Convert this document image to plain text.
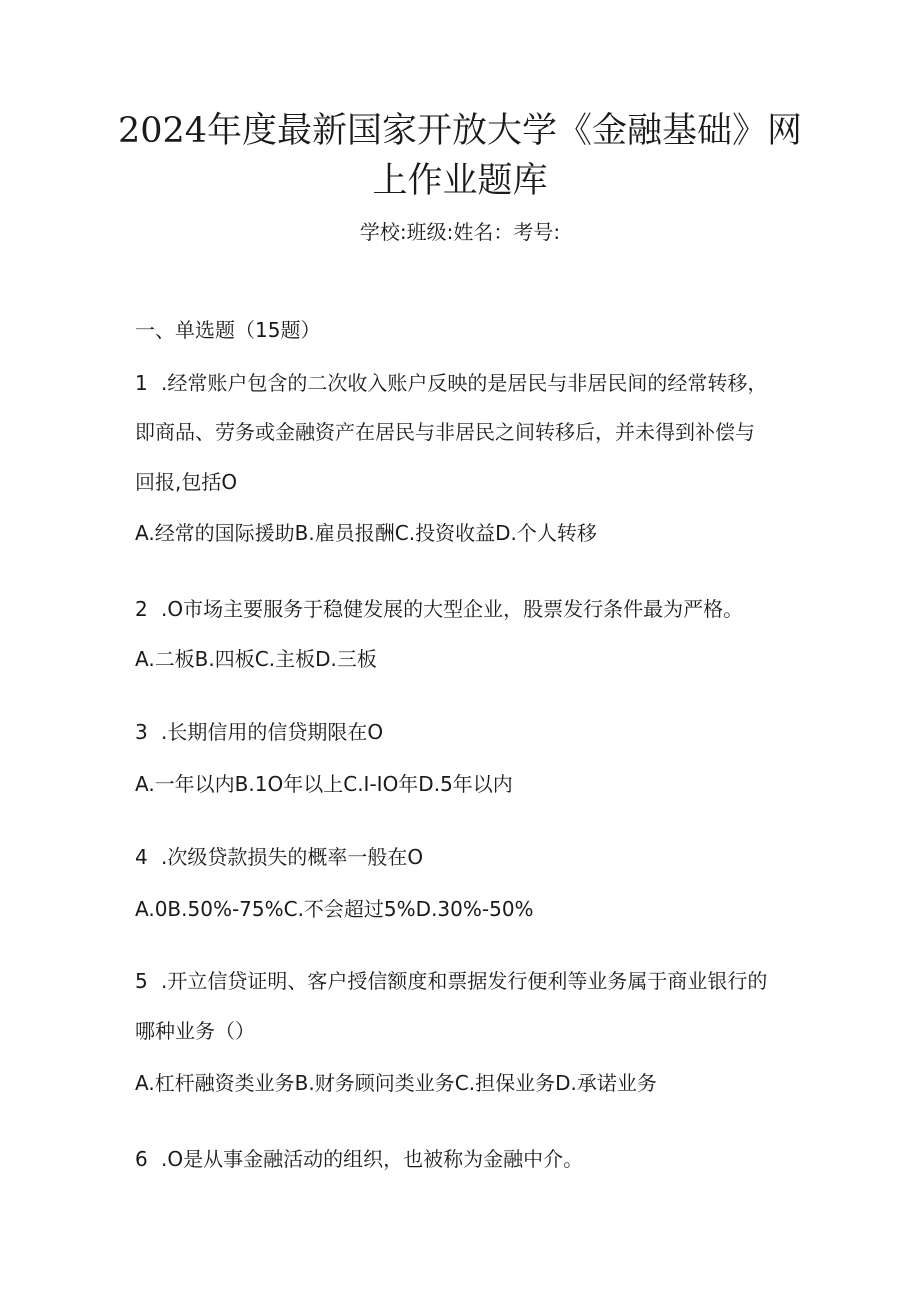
2024年度最新国家开放大学《金融基础》网
上作业题库
学校:班级:姓名：考号:
一、单选题（15题）
1 .经常账户包含的二次收入账户反映的是居民与非居民间的经常转移，
即商品、劳务或金融资产在居民与非居民之间转移后，并未得到补偿与
回报,包括O
A.经常的国际援助B.雇员报酬C.投资收益D.个人转移
2 .O市场主要服务于稳健发展的大型企业，股票发行条件最为严格。
A.二板B.四板C.主板D.三板
3 .长期信用的信贷期限在O
A.一年以内B.1O年以上C.I-IO年D.5年以内
4 .次级贷款损失的概率一般在O
A.0B.50%-75%C.不会超过5%D.30%-50%
5 .开立信贷证明、客户授信额度和票据发行便利等业务属于商业银行的
哪种业务（）
A.杠杆融资类业务B.财务顾问类业务C.担保业务D.承诺业务
6 .O是从事金融活动的组织，也被称为金融中介。
